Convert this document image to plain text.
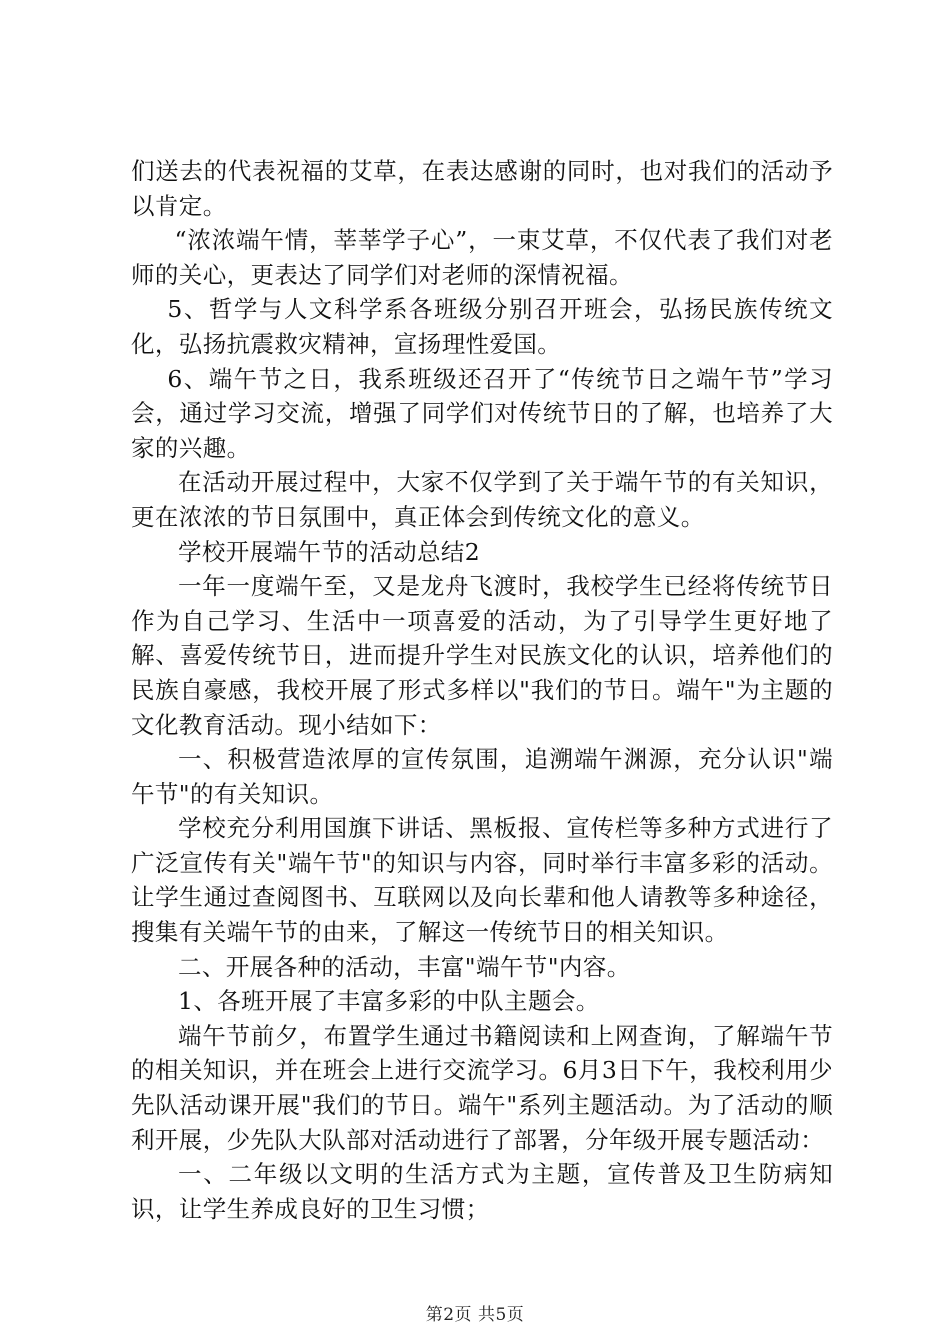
们送去的代表祝福的艾草，在表达感谢的同时，也对我们的活动予以肯定。

“浓浓端午情，莘莘学子心”，一束艾草，不仅代表了我们对老师的关心，更表达了同学们对老师的深情祝福。

5、哲学与人文科学系各班级分别召开班会，弘扬民族传统文化，弘扬抗震救灾精神，宣扬理性爱国。

6、端午节之日，我系班级还召开了“传统节日之端午节”学习会，通过学习交流，增强了同学们对传统节日的了解，也培养了大家的兴趣。

在活动开展过程中，大家不仅学到了关于端午节的有关知识，更在浓浓的节日氛围中，真正体会到传统文化的意义。

学校开展端午节的活动总结2

一年一度端午至，又是龙舟飞渡时，我校学生已经将传统节日作为自己学习、生活中一项喜爱的活动，为了引导学生更好地了解、喜爱传统节日，进而提升学生对民族文化的认识，培养他们的民族自豪感，我校开展了形式多样以"我们的节日。端午"为主题的文化教育活动。现小结如下：

一、积极营造浓厚的宣传氛围，追溯端午渊源，充分认识"端午节"的有关知识。

学校充分利用国旗下讲话、黑板报、宣传栏等多种方式进行了广泛宣传有关"端午节"的知识与内容，同时举行丰富多彩的活动。让学生通过查阅图书、互联网以及向长辈和他人请教等多种途径，搜集有关端午节的由来，了解这一传统节日的相关知识。

二、开展各种的活动，丰富"端午节"内容。

1、各班开展了丰富多彩的中队主题会。

端午节前夕，布置学生通过书籍阅读和上网查询，了解端午节的相关知识，并在班会上进行交流学习。6月3日下午，我校利用少先队活动课开展"我们的节日。端午"系列主题活动。为了活动的顺利开展，少先队大队部对活动进行了部署，分年级开展专题活动：

一、二年级以文明的生活方式为主题，宣传普及卫生防病知识，让学生养成良好的卫生习惯；

第2页 共5页
